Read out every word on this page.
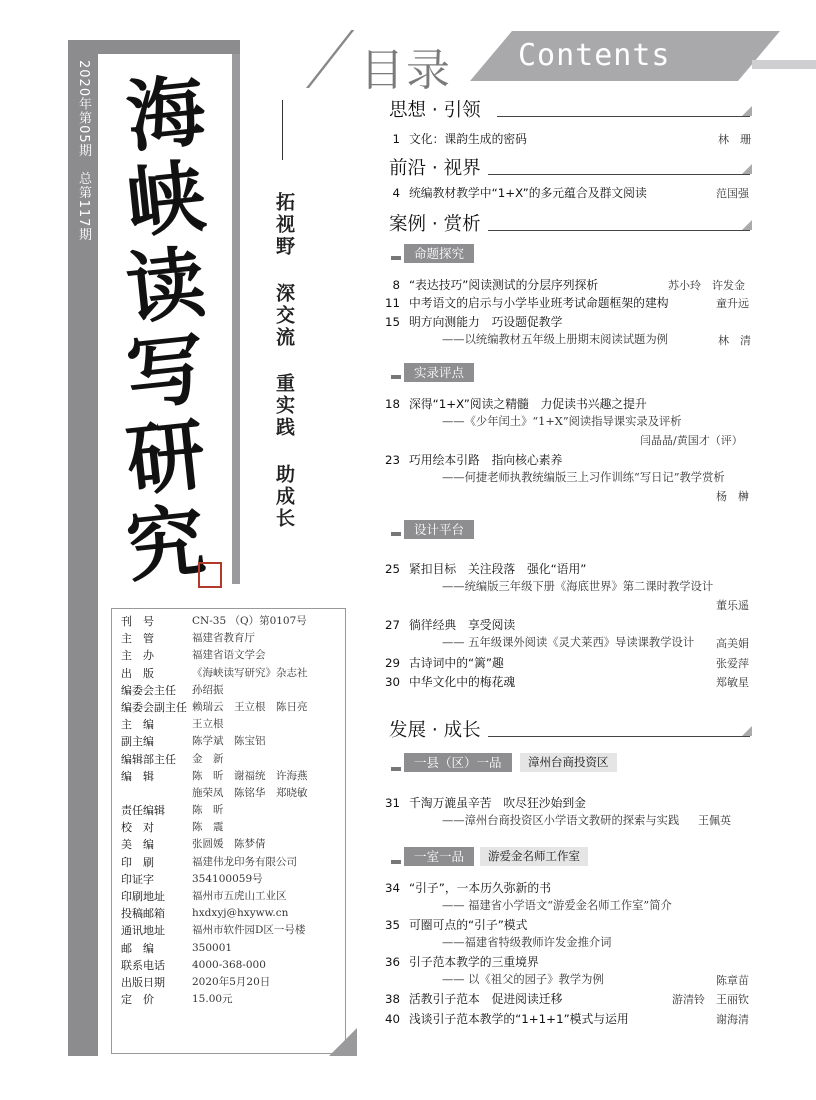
2020年第05期　总第117期 海
峡
读
写
研
究
拓视野 深交流 重实践 助成长
刊　号	CN-35 （Q）第0107号
主　管	福建省教育厅
主　办	福建省语文学会
出　版	《海峡读写研究》杂志社
编委会主任	孙绍振
编委会副主任 赖瑞云　王立根　陈日亮
主　编	王立根
副主编	陈学斌　陈宝铝
编辑部主任	金　新
编　辑	陈　昕　谢福统　许海燕
施荣凤　陈铭华　郑晓敏
责任编辑	陈　昕
校　对	陈　震
美　编	张圆媛　陈梦倩
印　刷	福建伟龙印务有限公司
印证字	354100059号
印刷地址	福州市五虎山工业区
投稿邮箱	hxdxyj@hxyww.cn
通讯地址	福州市软件园D区一号楼
邮　编	350001
联系电话	4000-368-000
出版日期	2020年5月20日
定　价	15.00元
目录 Contents
思想 · 引领
1 文化：课韵生成的密码	林　珊
前沿 · 视界
4 统编教材教学中“1+X”的多元蕴合及群文阅读	范国强
案例 · 赏析
命题探究
8 “表达技巧”阅读测试的分层序列探析	苏小玲　许发金
11 中考语文的启示与小学毕业班考试命题框架的建构	童升远
15 明方向测能力　巧设题促教学
——以统编教材五年级上册期末阅读试题为例	林　清
实录评点
18 深得“1+X”阅读之精髓　力促读书兴趣之提升
——《少年闰土》“1+X”阅读指导课实录及评析
闫晶晶/黄国才（评）
23 巧用绘本引路　指向核心素养
——何捷老师执教统编版三上习作训练“写日记”教学赏析
杨　榊
设计平台
25 紧扣目标　关注段落　强化“语用”
——统编版三年级下册《海底世界》第二课时教学设计
董乐遥
27 徜徉经典　享受阅读
—— 五年级课外阅读《灵犬莱西》导读课教学设计 高美娟
29 古诗词中的“篱”趣	张爱萍
30 中华文化中的梅花魂	郑敏星
发展 · 成长
一县（区）一品	漳州台商投资区
31 千淘万漉虽辛苦　吹尽狂沙始到金
——漳州台商投资区小学语文教研的探索与实践 王佩英
一室一品	游爱金名师工作室
34 “引子”，一本历久弥新的书
—— 福建省小学语文“游爱金名师工作室”简介
35 可圈可点的“引子”模式
——福建省特级教师许发金推介词
36 引子范本教学的三重境界
—— 以《祖父的园子》教学为例	陈章苗
38 活教引子范本　促进阅读迁移	游清铃　王丽钦
40 浅谈引子范本教学的“1+1+1”模式与运用	谢海清
